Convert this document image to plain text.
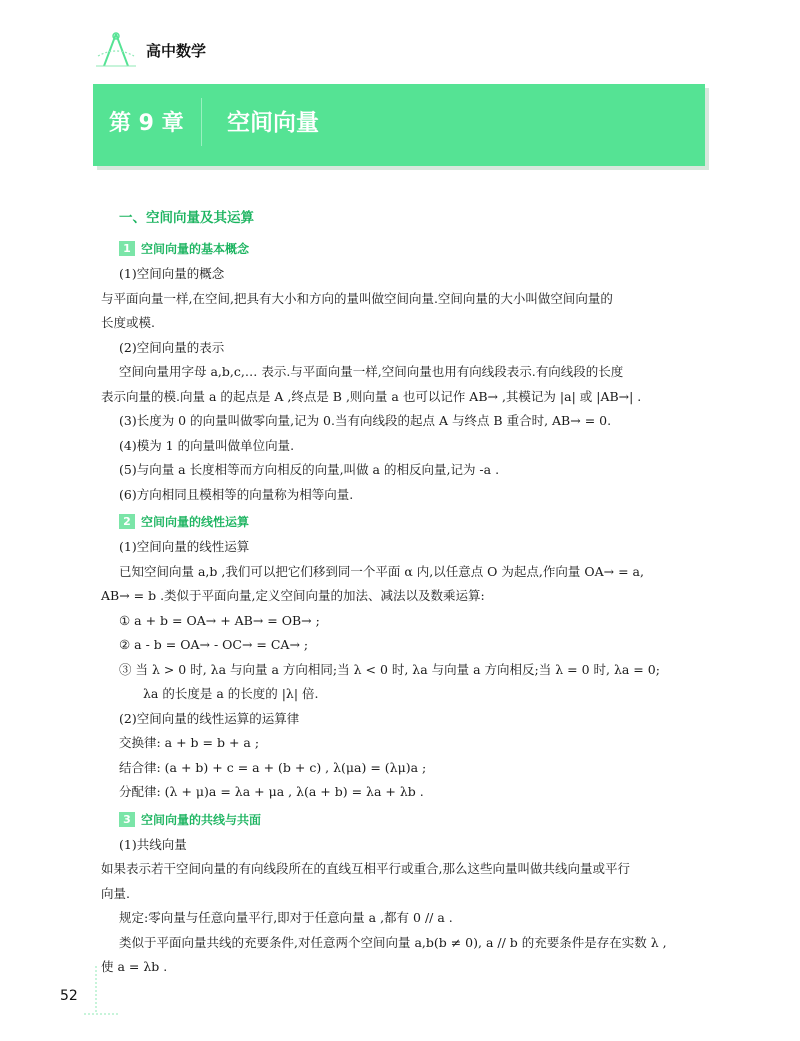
高中数学
第 9 章 空间向量
一、空间向量及其运算
1 空间向量的基本概念

(1)空间向量的概念

与平面向量一样,在空间,把具有大小和方向的量叫做空间向量.空间向量的大小叫做空间向量的

长度或模.

(2)空间向量的表示

空间向量用字母 a,b,c,… 表示.与平面向量一样,空间向量也用有向线段表示.有向线段的长度

表示向量的模.向量 a 的起点是 A ,终点是 B ,则向量 a 也可以记作 AB→ ,其模记为 |a| 或 |AB→| .

(3)长度为 0 的向量叫做零向量,记为 0.当有向线段的起点 A 与终点 B 重合时, AB→ = 0.

(4)模为 1 的向量叫做单位向量.

(5)与向量 a 长度相等而方向相反的向量,叫做 a 的相反向量,记为 -a .

(6)方向相同且模相等的向量称为相等向量.

2 空间向量的线性运算

(1)空间向量的线性运算

已知空间向量 a,b ,我们可以把它们移到同一个平面 α 内,以任意点 O 为起点,作向量 OA→ = a,

AB→ = b .类似于平面向量,定义空间向量的加法、减法以及数乘运算:

① a + b = OA→ + AB→ = OB→ ;

② a - b = OA→ - OC→ = CA→ ;

③ 当 λ > 0 时, λa 与向量 a 方向相同;当 λ < 0 时, λa 与向量 a 方向相反;当 λ = 0 时, λa = 0;

λa 的长度是 a 的长度的 |λ| 倍.

(2)空间向量的线性运算的运算律

交换律: a + b = b + a ;

结合律: (a + b) + c = a + (b + c) , λ(μa) = (λμ)a ;

分配律: (λ + μ)a = λa + μa , λ(a + b) = λa + λb .

3 空间向量的共线与共面

(1)共线向量

如果表示若干空间向量的有向线段所在的直线互相平行或重合,那么这些向量叫做共线向量或平行

向量.

规定:零向量与任意向量平行,即对于任意向量 a ,都有 0 // a .

类似于平面向量共线的充要条件,对任意两个空间向量 a,b(b ≠ 0), a // b 的充要条件是存在实数 λ ,

使 a = λb .

52
